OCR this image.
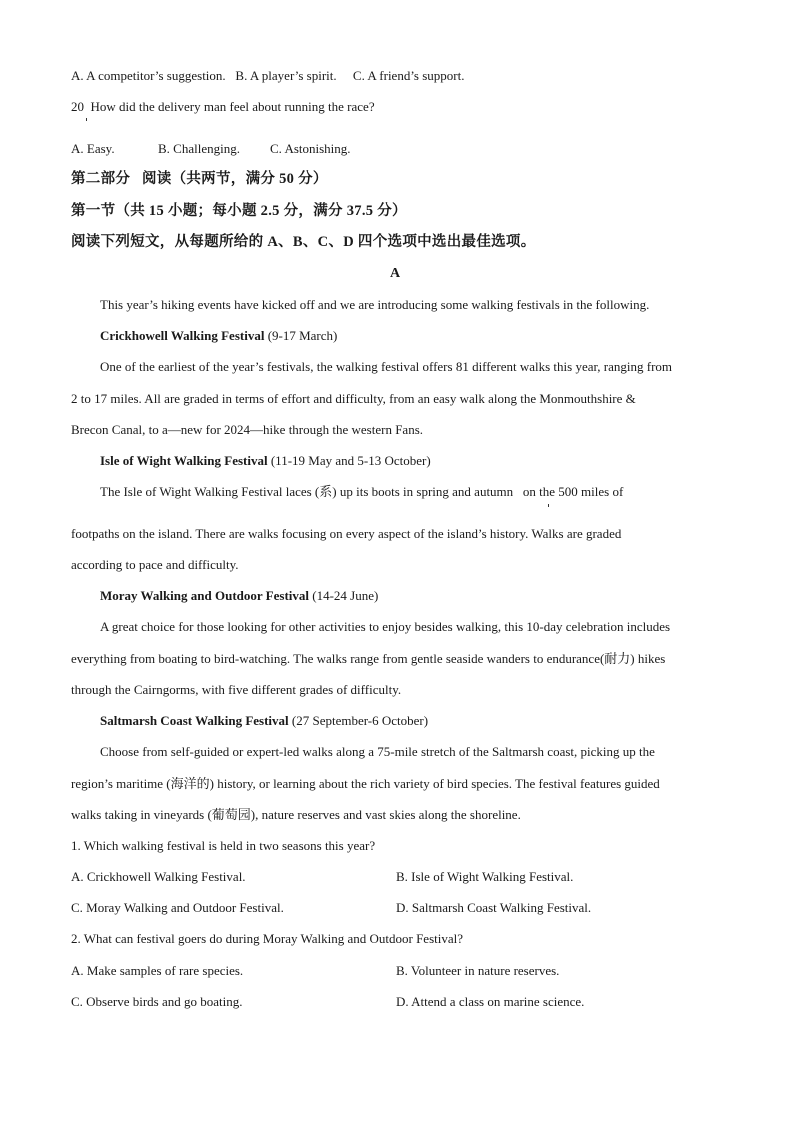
A. A competitor’s suggestion.   B. A player’s spirit.     C. A friend’s support.
20  How did the delivery man feel about running the race?
A. Easy.	B. Challenging. C. Astonishing.
第二部分   阅读（共两节，满分 50 分）
第一节（共 15 小题；每小题 2.5 分，满分 37.5 分）
阅读下列短文，从每题所给的 A、B、C、D 四个选项中选出最佳选项。
A
This year’s hiking events have kicked off and we are introducing some walking festivals in the following.
Crickhowell Walking Festival (9-17 March)
One of the earliest of the year’s festivals, the walking festival offers 81 different walks this year, ranging from
2 to 17 miles. All are graded in terms of effort and difficulty, from an easy walk along the Monmouthshire &
Brecon Canal, to a—new for 2024—hike through the western Fans.
Isle of Wight Walking Festival (11-19 May and 5-13 October)
The Isle of Wight Walking Festival laces (系) up its boots in spring and autumn   on the 500 miles of
footpaths on the island. There are walks focusing on every aspect of the island’s history. Walks are graded
according to pace and difficulty.
Moray Walking and Outdoor Festival (14-24 June)
A great choice for those looking for other activities to enjoy besides walking, this 10-day celebration includes
everything from boating to bird-watching. The walks range from gentle seaside wanders to endurance(耐力) hikes
through the Cairngorms, with five different grades of difficulty.
Saltmarsh Coast Walking Festival (27 September-6 October)
Choose from self-guided or expert-led walks along a 75-mile stretch of the Saltmarsh coast, picking up the
region’s maritime (海洋的) history, or learning about the rich variety of bird species. The festival features guided
walks taking in vineyards (葡萄园), nature reserves and vast skies along the shoreline.
1. Which walking festival is held in two seasons this year?
A. Crickhowell Walking Festival.	B. Isle of Wight Walking Festival.
C. Moray Walking and Outdoor Festival.	D. Saltmarsh Coast Walking Festival.
2. What can festival goers do during Moray Walking and Outdoor Festival?
A. Make samples of rare species.	B. Volunteer in nature reserves.
C. Observe birds and go boating.	D. Attend a class on marine science.
